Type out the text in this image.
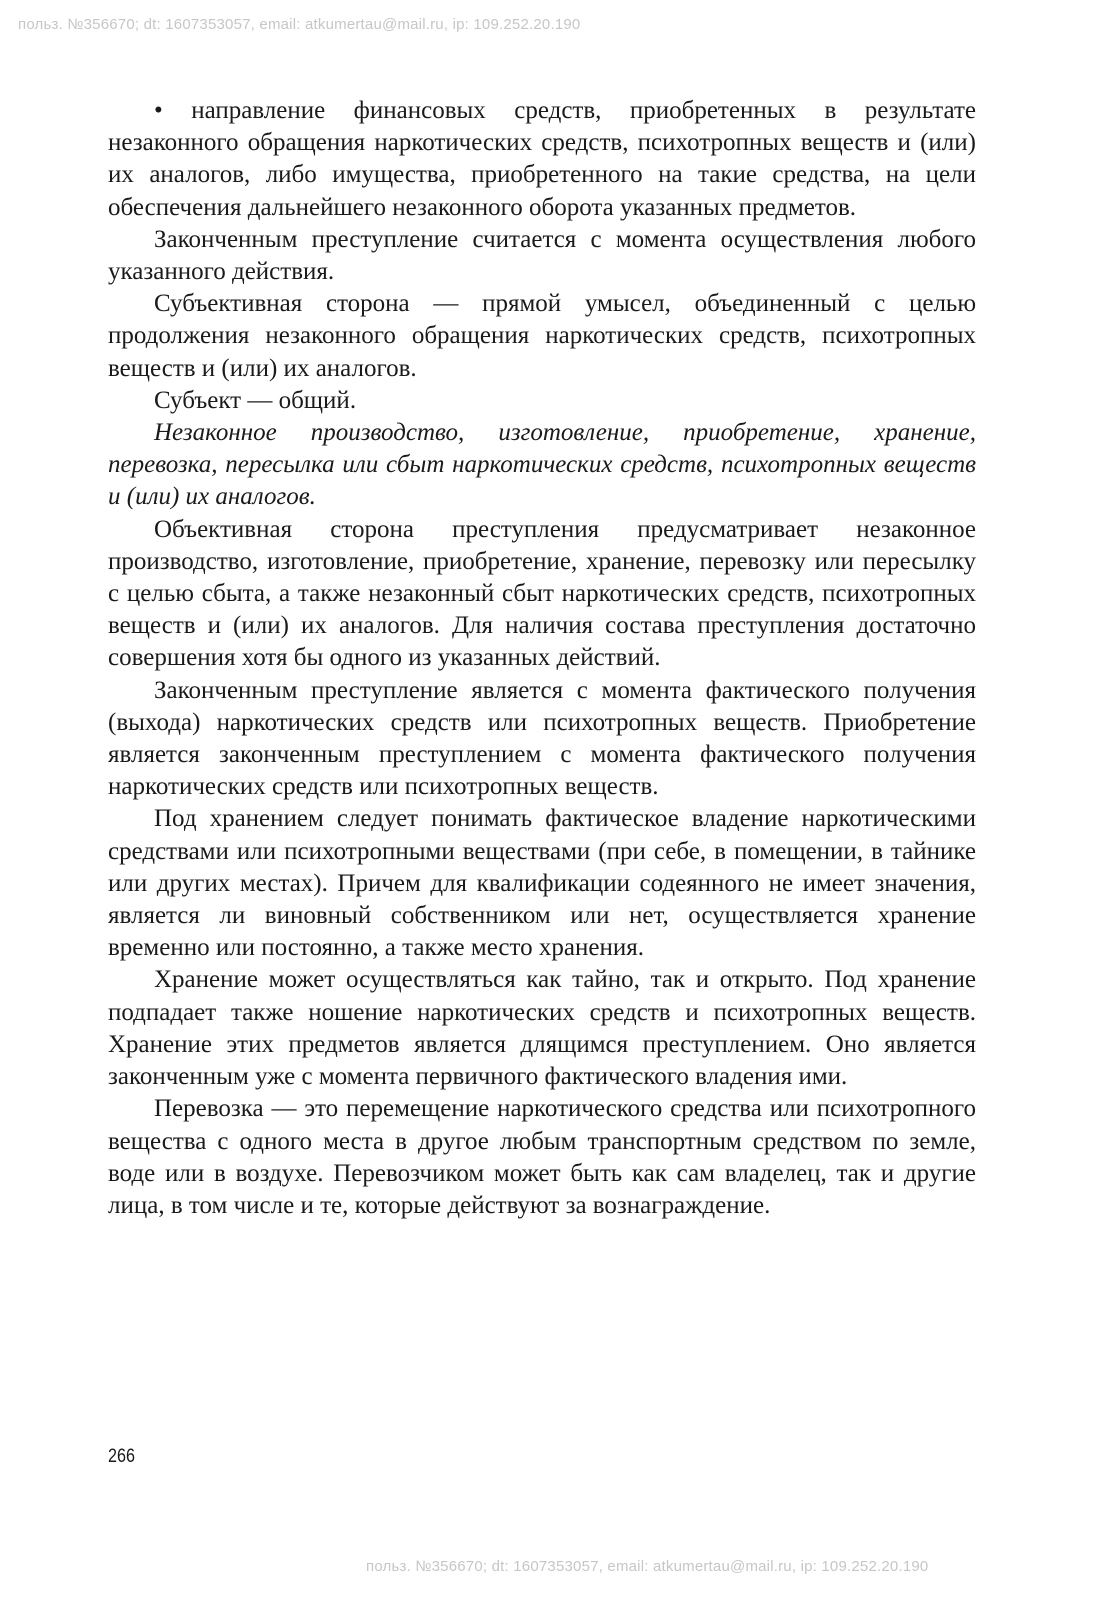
польз. №356670; dt: 1607353057, email: atkumertau@mail.ru, ip: 109.252.20.190

• направление финансовых средств, приобретенных в результате незаконного обращения наркотических средств, психотропных веществ и (или) их аналогов, либо имущества, приобретенного на такие средства, на цели обеспечения дальнейшего незаконного оборота указанных предметов.

Законченным преступление считается с момента осуществления любого указанного действия.

Субъективная сторона — прямой умысел, объединенный с целью продолжения незаконного обращения наркотических средств, психотропных веществ и (или) их аналогов.

Субъект — общий.

Незаконное производство, изготовление, приобретение, хранение, перевозка, пересылка или сбыт наркотических средств, психотропных веществ и (или) их аналогов.

Объективная сторона преступления предусматривает незаконное производство, изготовление, приобретение, хранение, перевозку или пересылку с целью сбыта, а также незаконный сбыт наркотических средств, психотропных веществ и (или) их аналогов. Для наличия состава преступления достаточно совершения хотя бы одного из указанных действий.

Законченным преступление является с момента фактического получения (выхода) наркотических средств или психотропных веществ. Приобретение является законченным преступлением с момента фактического получения наркотических средств или психотропных веществ.

Под хранением следует понимать фактическое владение наркотическими средствами или психотропными веществами (при себе, в помещении, в тайнике или других местах). Причем для квалификации содеянного не имеет значения, является ли виновный собственником или нет, осуществляется хранение временно или постоянно, а также место хранения.

Хранение может осуществляться как тайно, так и открыто. Под хранение подпадает также ношение наркотических средств и психотропных веществ. Хранение этих предметов является длящимся преступлением. Оно является законченным уже с момента первичного фактического владения ими.

Перевозка — это перемещение наркотического средства или психотропного вещества с одного места в другое любым транспортным средством по земле, воде или в воздухе. Перевозчиком может быть как сам владелец, так и другие лица, в том числе и те, которые действуют за вознаграждение.

266
польз. №356670; dt: 1607353057, email: atkumertau@mail.ru, ip: 109.252.20.190
